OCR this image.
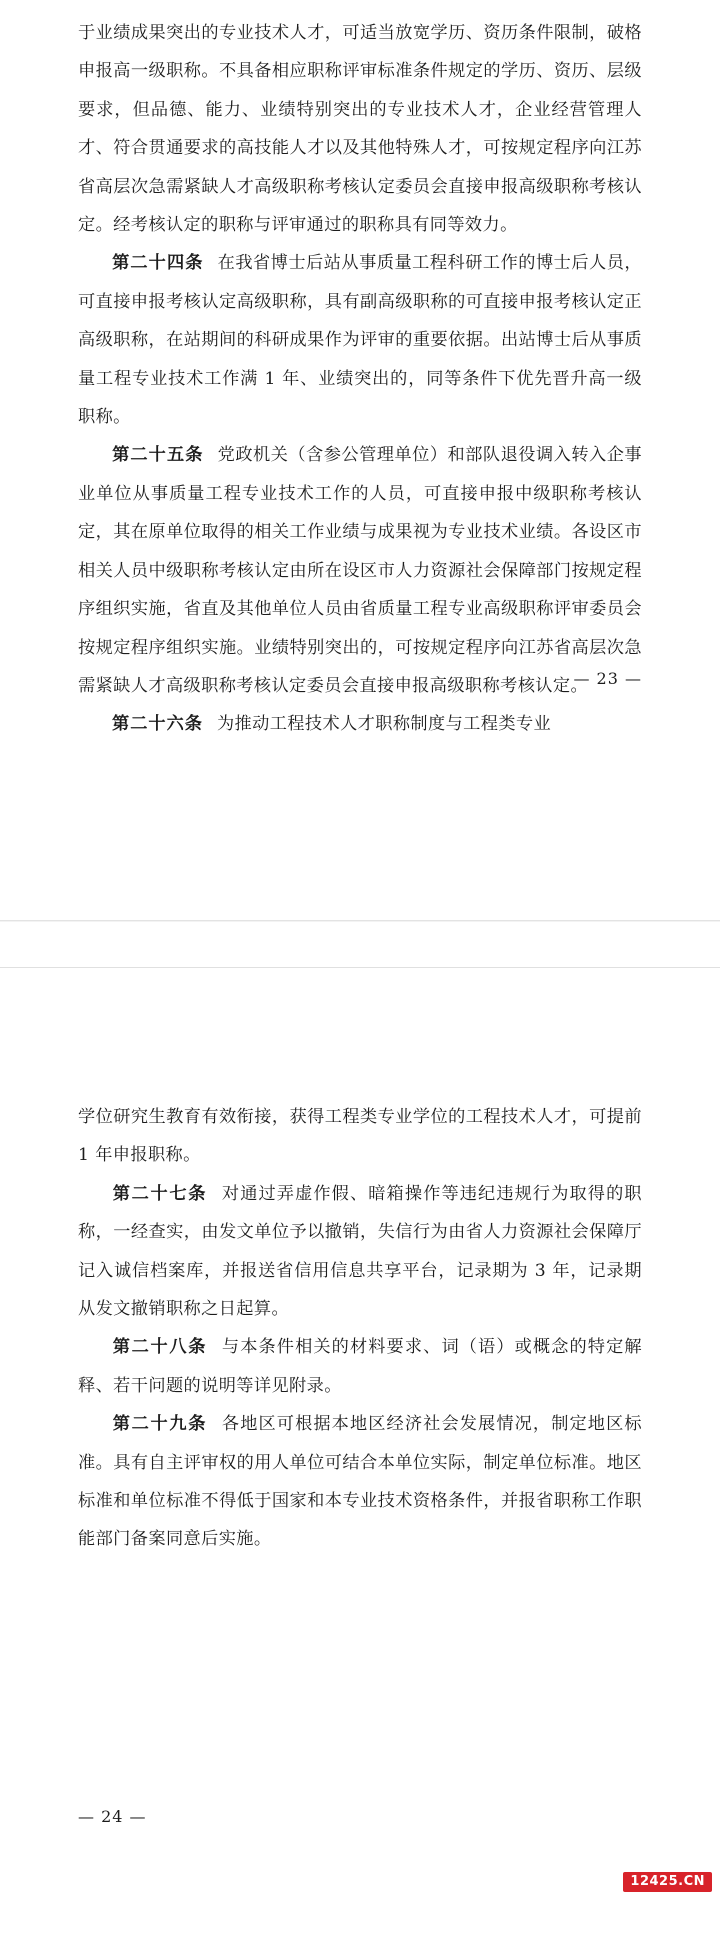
于业绩成果突出的专业技术人才，可适当放宽学历、资历条件限制，破格申报高一级职称。不具备相应职称评审标准条件规定的学历、资历、层级要求，但品德、能力、业绩特别突出的专业技术人才，企业经营管理人才、符合贯通要求的高技能人才以及其他特殊人才，可按规定程序向江苏省高层次急需紧缺人才高级职称考核认定委员会直接申报高级职称考核认定。经考核认定的职称与评审通过的职称具有同等效力。

第二十四条 在我省博士后站从事质量工程科研工作的博士后人员，可直接申报考核认定高级职称，具有副高级职称的可直接申报考核认定正高级职称，在站期间的科研成果作为评审的重要依据。出站博士后从事质量工程专业技术工作满 1 年、业绩突出的，同等条件下优先晋升高一级职称。

第二十五条 党政机关（含参公管理单位）和部队退役调入转入企事业单位从事质量工程专业技术工作的人员，可直接申报中级职称考核认定，其在原单位取得的相关工作业绩与成果视为专业技术业绩。各设区市相关人员中级职称考核认定由所在设区市人力资源社会保障部门按规定程序组织实施，省直及其他单位人员由省质量工程专业高级职称评审委员会按规定程序组织实施。业绩特别突出的，可按规定程序向江苏省高层次急需紧缺人才高级职称考核认定委员会直接申报高级职称考核认定。

第二十六条 为推动工程技术人才职称制度与工程类专业

— 23 —

学位研究生教育有效衔接，获得工程类专业学位的工程技术人才，可提前 1 年申报职称。

第二十七条 对通过弄虚作假、暗箱操作等违纪违规行为取得的职称，一经查实，由发文单位予以撤销，失信行为由省人力资源社会保障厅记入诚信档案库，并报送省信用信息共享平台，记录期为 3 年，记录期从发文撤销职称之日起算。

第二十八条 与本条件相关的材料要求、词（语）或概念的特定解释、若干问题的说明等详见附录。

第二十九条 各地区可根据本地区经济社会发展情况，制定地区标准。具有自主评审权的用人单位可结合本单位实际，制定单位标准。地区标准和单位标准不得低于国家和本专业技术资格条件，并报省职称工作职能部门备案同意后实施。

— 24 —
12425.CN
